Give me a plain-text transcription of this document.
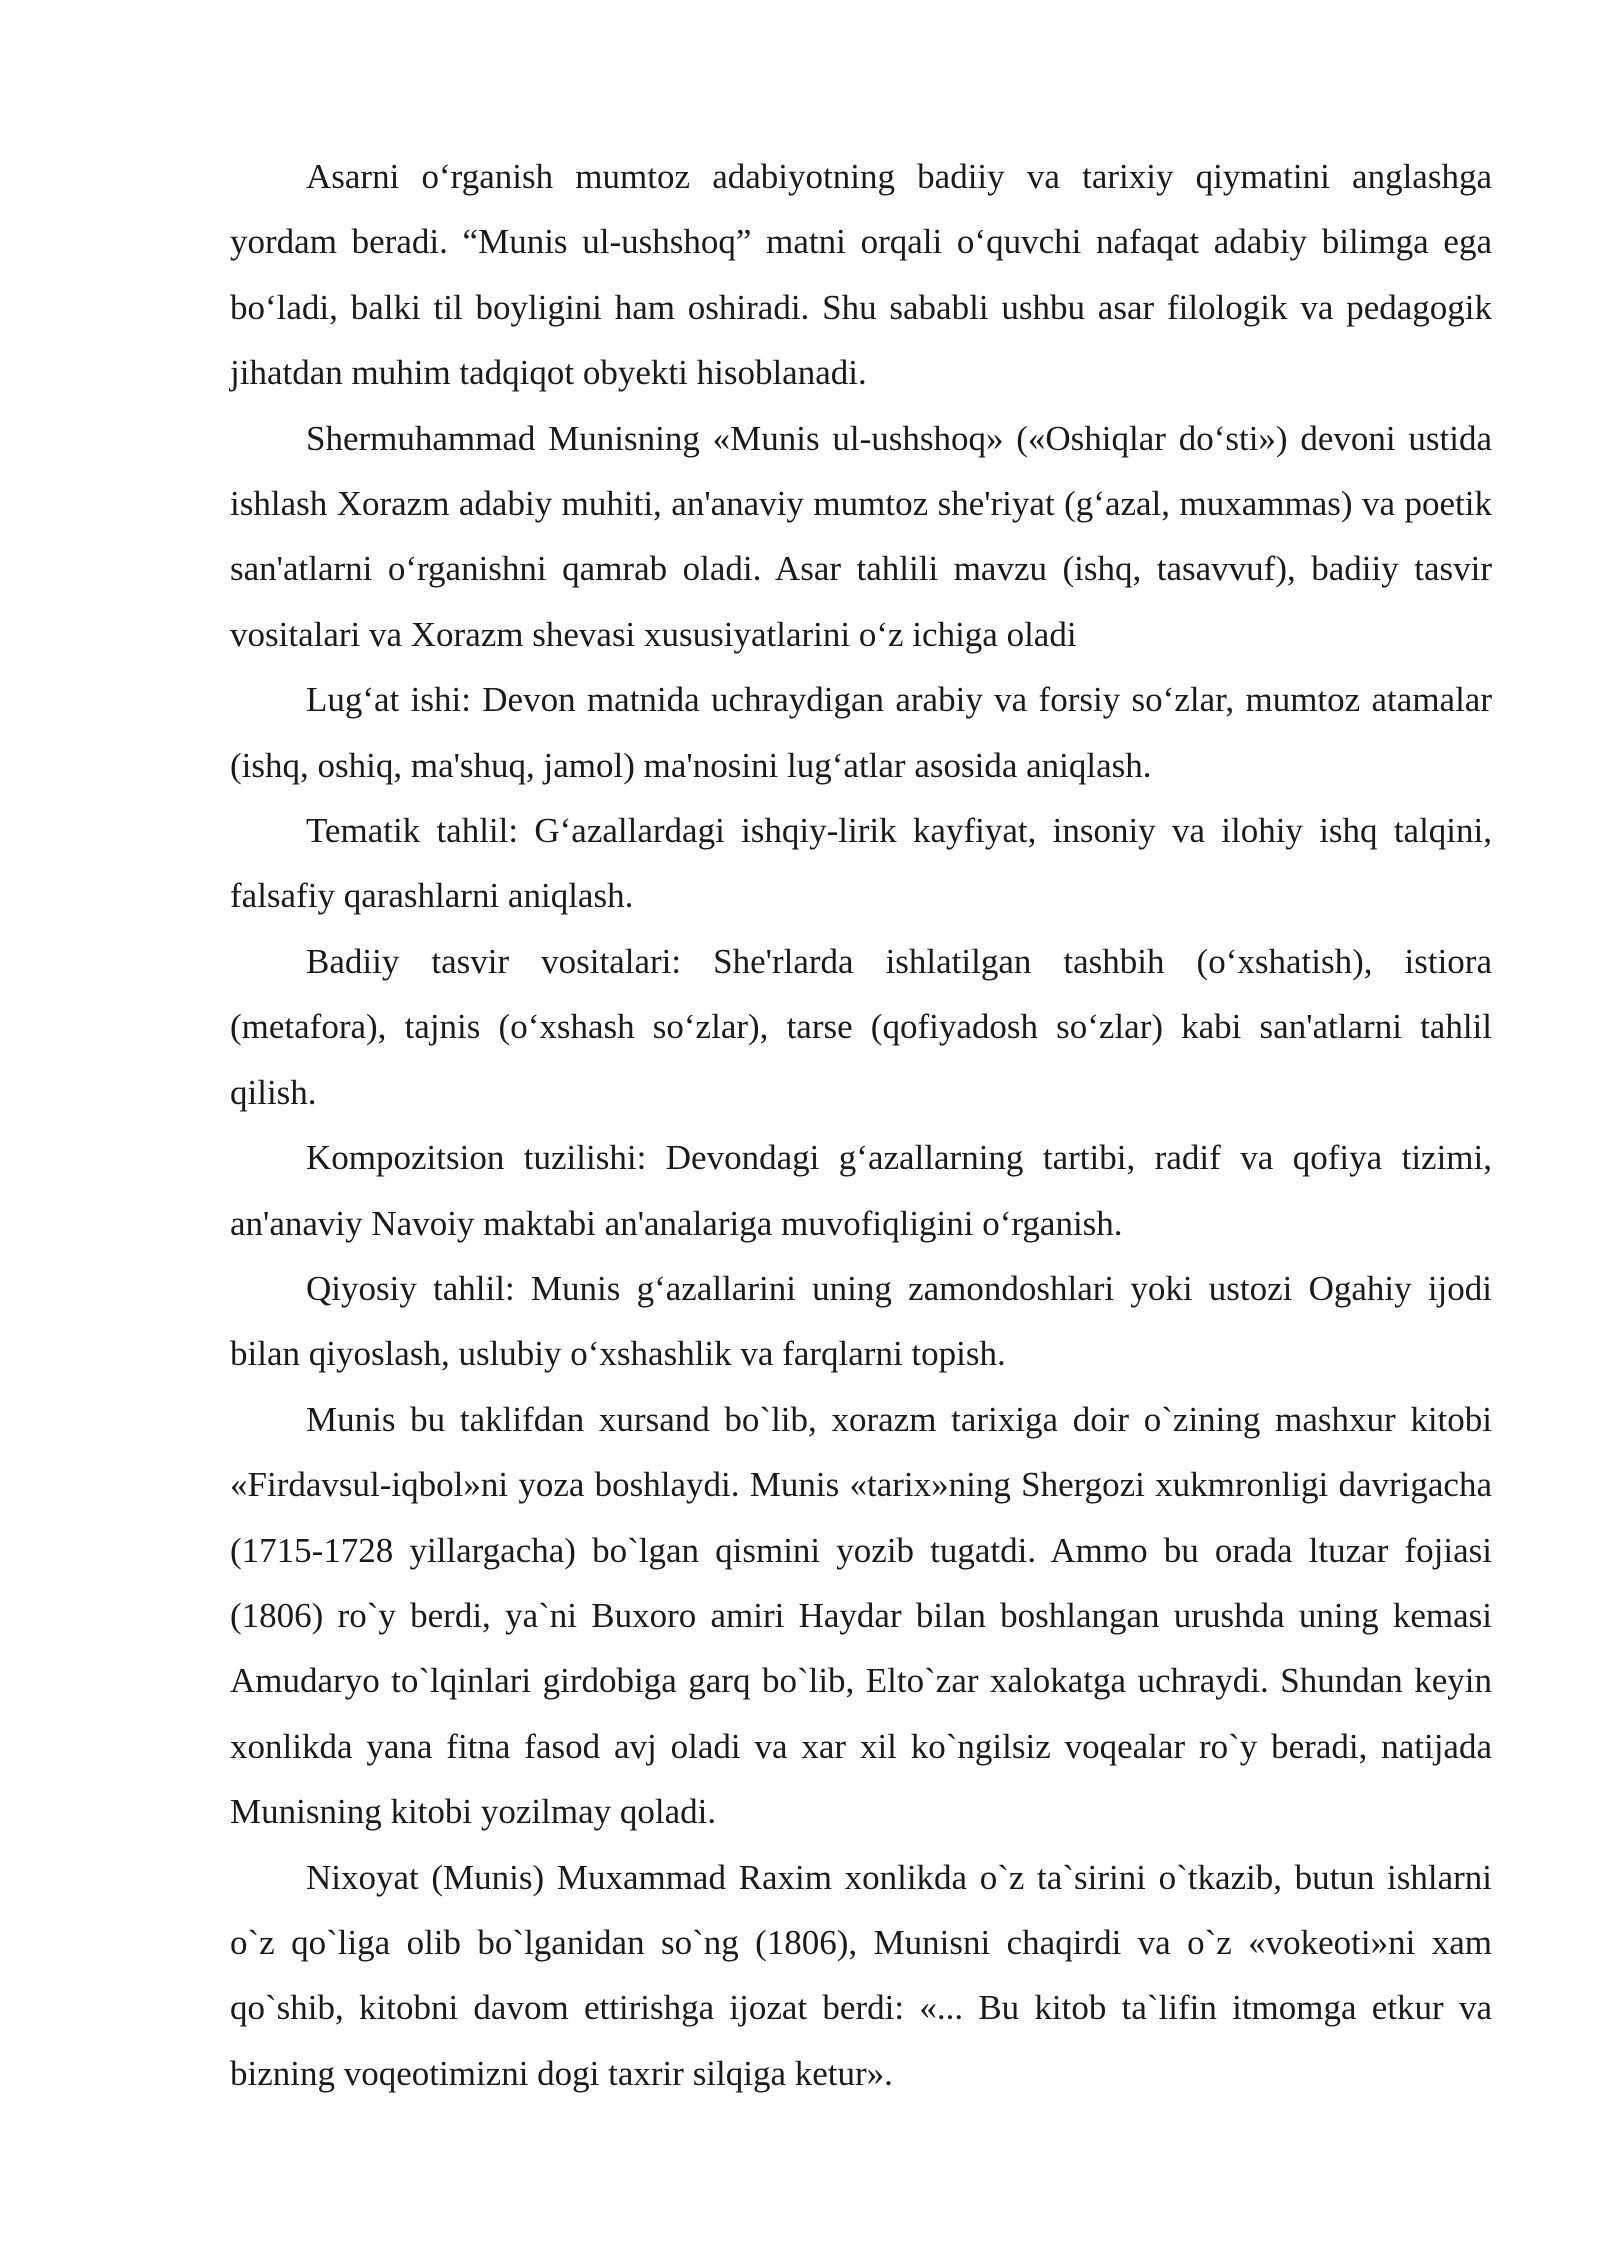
Asarni o‘rganish mumtoz adabiyotning badiiy va tarixiy qiymatini anglashga yordam beradi. “Munis ul-ushshoq” matni orqali o‘quvchi nafaqat adabiy bilimga ega bo‘ladi, balki til boyligini ham oshiradi. Shu sababli ushbu asar filologik va pedagogik jihatdan muhim tadqiqot obyekti hisoblanadi.

Shermuhammad Munisning «Munis ul-ushshoq» («Oshiqlar do‘sti») devoni ustida ishlash Xorazm adabiy muhiti, an'anaviy mumtoz she'riyat (g‘azal, muxammas) va poetik san'atlarni o‘rganishni qamrab oladi. Asar tahlili mavzu (ishq, tasavvuf), badiiy tasvir vositalari va Xorazm shevasi xususiyatlarini o‘z ichiga oladi

Lug‘at ishi: Devon matnida uchraydigan arabiy va forsiy so‘zlar, mumtoz atamalar (ishq, oshiq, ma'shuq, jamol) ma'nosini lug‘atlar asosida aniqlash.

Tematik tahlil: G‘azallardagi ishqiy-lirik kayfiyat, insoniy va ilohiy ishq talqini, falsafiy qarashlarni aniqlash.

Badiiy tasvir vositalari: She'rlarda ishlatilgan tashbih (o‘xshatish), istiora (metafora), tajnis (o‘xshash so‘zlar), tarse (qofiyadosh so‘zlar) kabi san'atlarni tahlil qilish.

Kompozitsion tuzilishi: Devondagi g‘azallarning tartibi, radif va qofiya tizimi, an'anaviy Navoiy maktabi an'analariga muvofiqligini o‘rganish.

Qiyosiy tahlil: Munis g‘azallarini uning zamondoshlari yoki ustozi Ogahiy ijodi bilan qiyoslash, uslubiy o‘xshashlik va farqlarni topish.

Munis bu taklifdan xursand bo`lib, xorazm tarixiga doir o`zining mashxur kitobi «Firdavsul-iqbol»ni yoza boshlaydi. Munis «tarix»ning Shergozi xukmronligi davrigacha (1715-1728 yillargacha) bo`lgan qismini yozib tugatdi. Ammo bu orada ltuzar fojiasi (1806) ro`y berdi, ya`ni Buxoro amiri Haydar bilan boshlangan urushda uning kemasi Amudaryo to`lqinlari girdobiga garq bo`lib, Elto`zar xalokatga uchraydi. Shundan keyin xonlikda yana fitna fasod avj oladi va xar xil ko`ngilsiz voqealar ro`y beradi, natijada Munisning kitobi yozilmay qoladi.

Nixoyat (Munis) Muxammad Raxim xonlikda o`z ta`sirini o`tkazib, butun ishlarni o`z qo`liga olib bo`lganidan so`ng (1806), Munisni chaqirdi va o`z «vokeoti»ni xam qo`shib, kitobni davom ettirishga ijozat berdi: «... Bu kitob ta`lifin itmomga etkur va bizning voqeotimizni dogi taxrir silqiga ketur».
